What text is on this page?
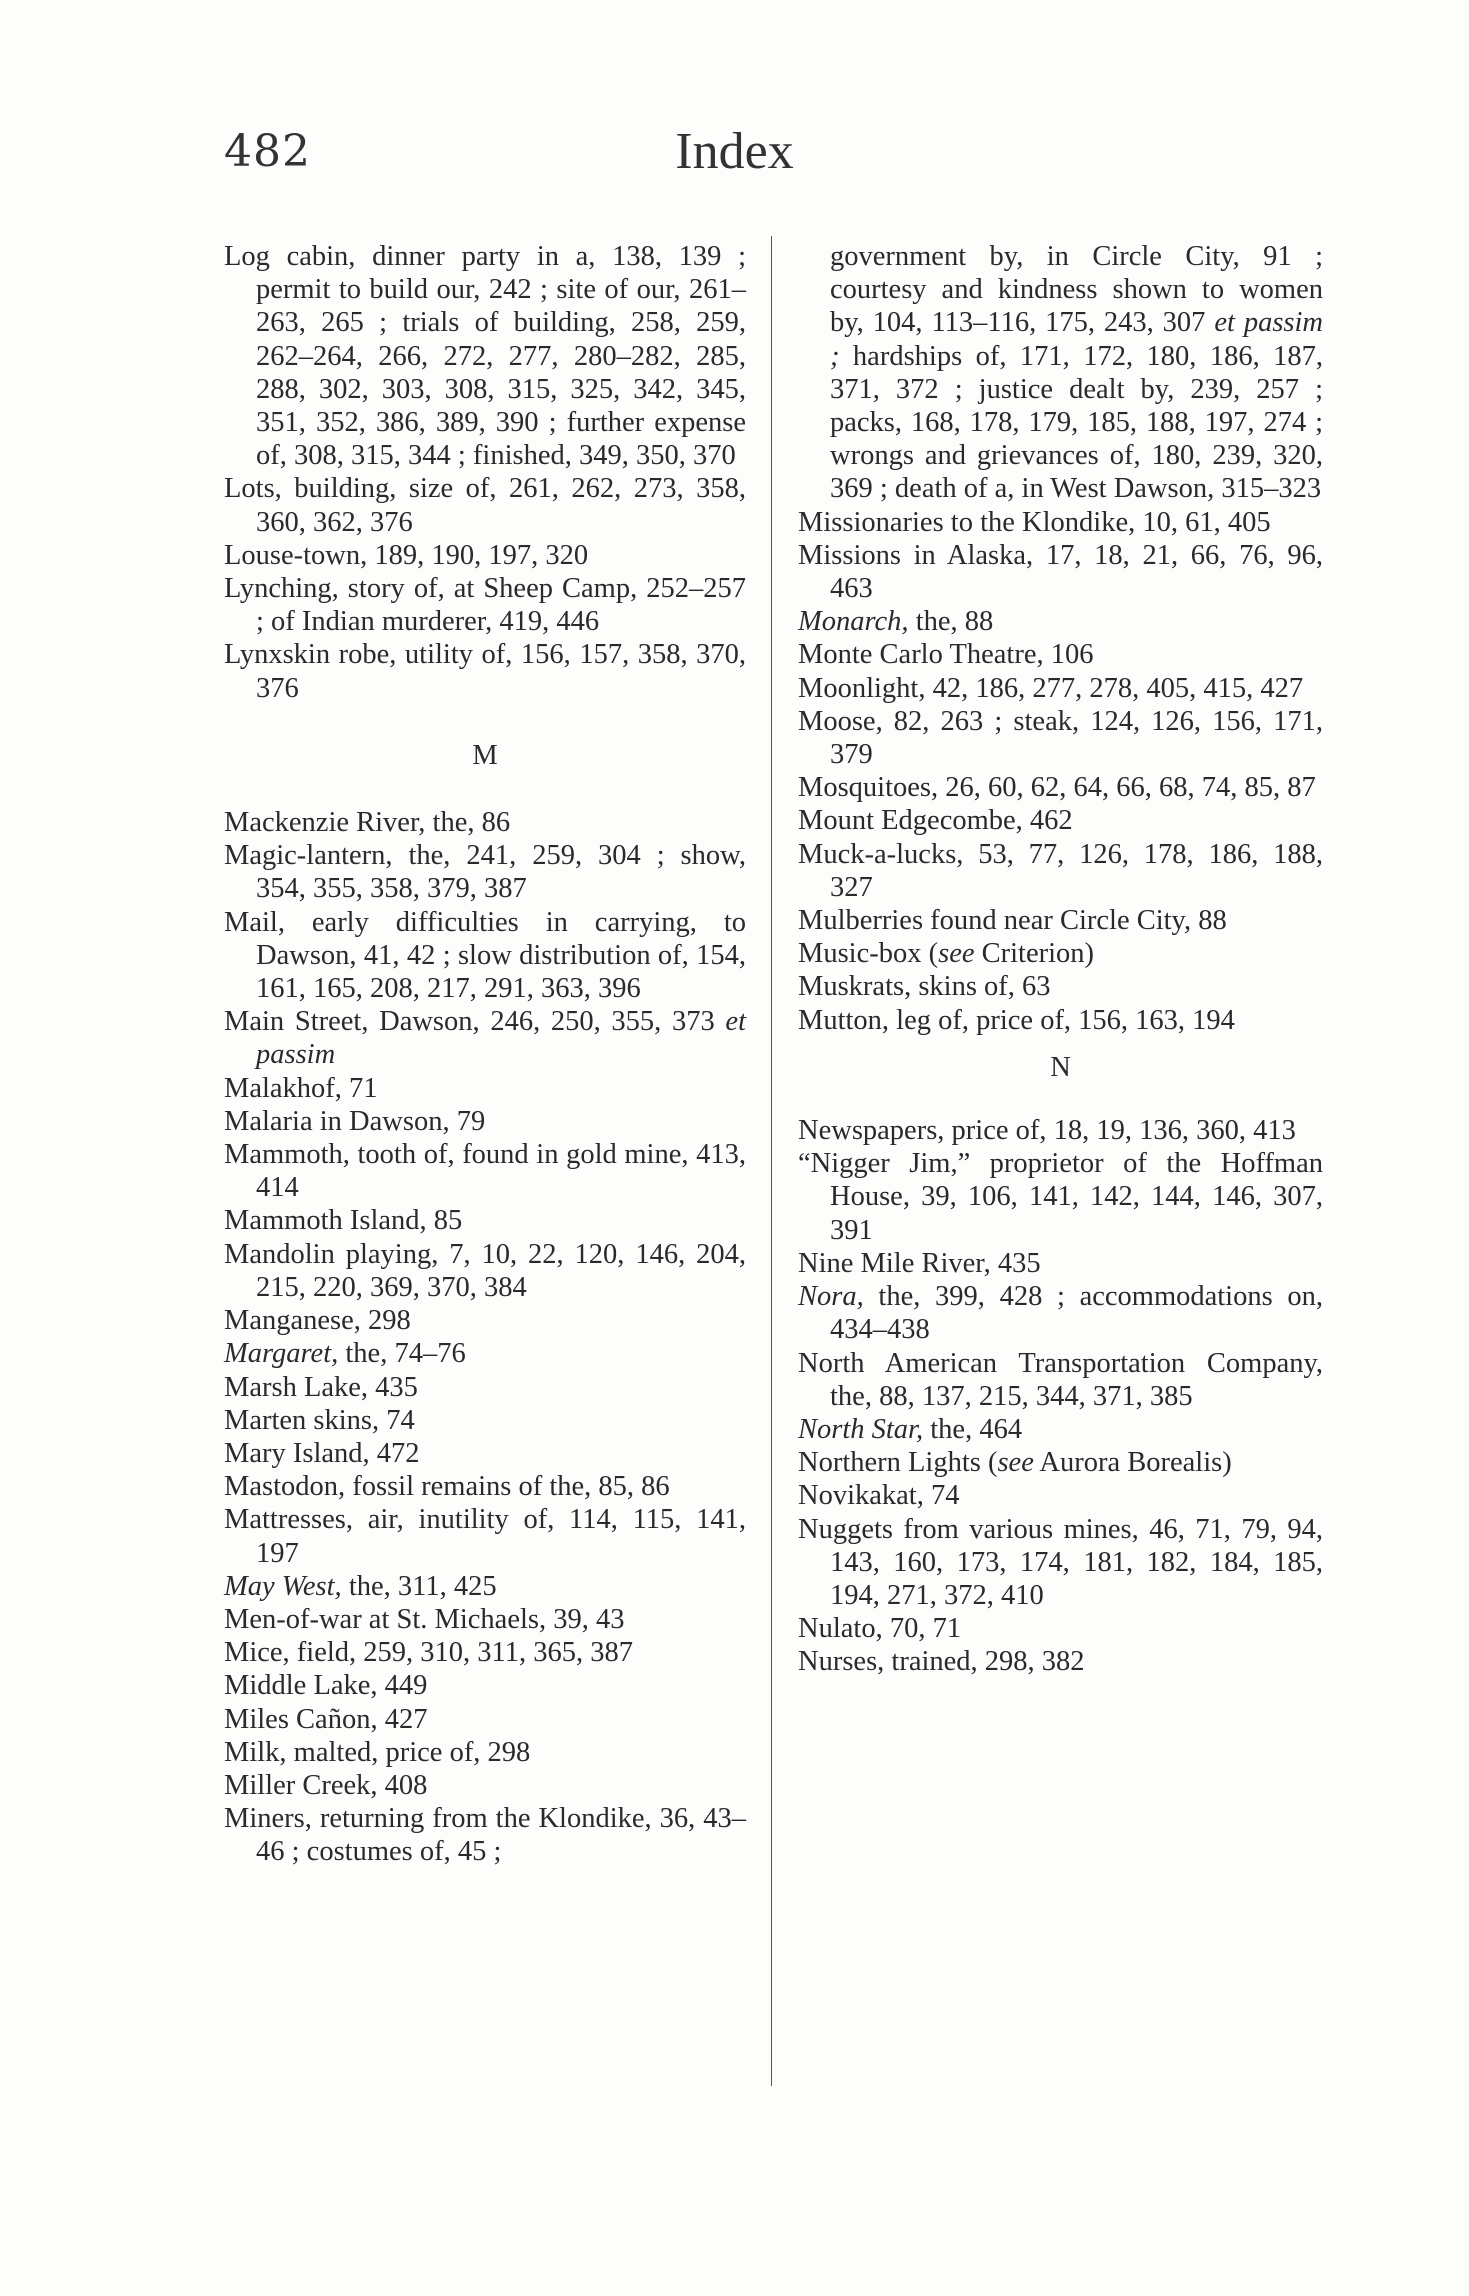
482	Index
Log cabin, dinner party in a, 138, 139 ; permit to build our, 242 ; site of our, 261–263, 265 ; trials of building, 258, 259, 262–264, 266, 272, 277, 280–282, 285, 288, 302, 303, 308, 315, 325, 342, 345, 351, 352, 386, 389, 390 ; further expense of, 308, 315, 344 ; finished, 349, 350, 370
Lots, building, size of, 261, 262, 273, 358, 360, 362, 376
Louse-town, 189, 190, 197, 320
Lynching, story of, at Sheep Camp, 252–257 ; of Indian murderer, 419, 446
Lynxskin robe, utility of, 156, 157, 358, 370, 376
M
Mackenzie River, the, 86
Magic-lantern, the, 241, 259, 304 ; show, 354, 355, 358, 379, 387
Mail, early difficulties in carrying, to Dawson, 41, 42 ; slow distribution of, 154, 161, 165, 208, 217, 291, 363, 396
Main Street, Dawson, 246, 250, 355, 373 et passim
Malakhof, 71
Malaria in Dawson, 79
Mammoth, tooth of, found in gold mine, 413, 414
Mammoth Island, 85
Mandolin playing, 7, 10, 22, 120, 146, 204, 215, 220, 369, 370, 384
Manganese, 298
Margaret, the, 74–76
Marsh Lake, 435
Marten skins, 74
Mary Island, 472
Mastodon, fossil remains of the, 85, 86
Mattresses, air, inutility of, 114, 115, 141, 197
May West, the, 311, 425
Men-of-war at St. Michaels, 39, 43
Mice, field, 259, 310, 311, 365, 387
Middle Lake, 449
Miles Cañon, 427
Milk, malted, price of, 298
Miller Creek, 408
Miners, returning from the Klondike, 36, 43–46 ; costumes of, 45 ;
government by, in Circle City, 91 ; courtesy and kindness shown to women by, 104, 113–116, 175, 243, 307 et passim ; hardships of, 171, 172, 180, 186, 187, 371, 372 ; justice dealt by, 239, 257 ; packs, 168, 178, 179, 185, 188, 197, 274 ; wrongs and grievances of, 180, 239, 320, 369 ; death of a, in West Dawson, 315–323
Missionaries to the Klondike, 10, 61, 405
Missions in Alaska, 17, 18, 21, 66, 76, 96, 463
Monarch, the, 88
Monte Carlo Theatre, 106
Moonlight, 42, 186, 277, 278, 405, 415, 427
Moose, 82, 263 ; steak, 124, 126, 156, 171, 379
Mosquitoes, 26, 60, 62, 64, 66, 68, 74, 85, 87
Mount Edgecombe, 462
Muck-a-lucks, 53, 77, 126, 178, 186, 188, 327
Mulberries found near Circle City, 88
Music-box (see Criterion)
Muskrats, skins of, 63
Mutton, leg of, price of, 156, 163, 194
N
Newspapers, price of, 18, 19, 136, 360, 413
“Nigger Jim,” proprietor of the Hoffman House, 39, 106, 141, 142, 144, 146, 307, 391
Nine Mile River, 435
Nora, the, 399, 428 ; accommodations on, 434–438
North American Transportation Company, the, 88, 137, 215, 344, 371, 385
North Star, the, 464
Northern Lights (see Aurora Borealis)
Novikakat, 74
Nuggets from various mines, 46, 71, 79, 94, 143, 160, 173, 174, 181, 182, 184, 185, 194, 271, 372, 410
Nulato, 70, 71
Nurses, trained, 298, 382
